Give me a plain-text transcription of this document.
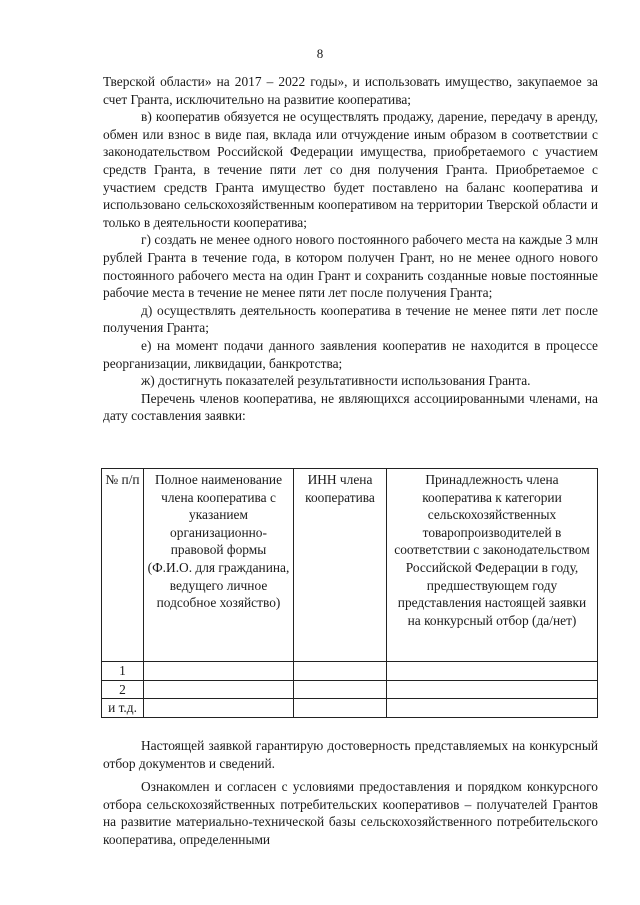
8

Тверской области» на 2017 – 2022 годы», и использовать имущество, закупаемое за счет Гранта, исключительно на развитие кооператива;

в) кооператив обязуется не осуществлять продажу, дарение, передачу в аренду, обмен или взнос в виде пая, вклада или отчуждение иным образом в соответствии с законодательством Российской Федерации имущества, приобретаемого с участием средств Гранта, в течение пяти лет со дня получения Гранта. Приобретаемое с участием средств Гранта имущество будет поставлено на баланс кооператива и использовано сельскохозяйственным кооперативом на территории Тверской области и только в деятельности кооператива;

г) создать не менее одного нового постоянного рабочего места на каждые 3 млн рублей Гранта в течение года, в котором получен Грант, но не менее одного нового постоянного рабочего места на один Грант и сохранить созданные новые постоянные рабочие места в течение не менее пяти лет после получения Гранта;

д) осуществлять деятельность кооператива в течение не менее пяти лет после получения Гранта;

е) на момент подачи данного заявления кооператив не находится в процессе реорганизации, ликвидации, банкротства;

ж) достигнуть показателей результативности использования Гранта.

Перечень членов кооператива, не являющихся ассоциированными членами, на дату составления заявки:

№ п/п	Полное наименование члена кооператива с указанием организационно-правовой формы (Ф.И.О. для гражданина, ведущего личное подсобное хозяйство)	ИНН члена кооператива	Принадлежность члена кооператива к категории сельскохозяйственных товаропроизводителей в соответствии с законодательством Российской Федерации в году, предшествующем году представления настоящей заявки на конкурсный отбор (да/нет)
1			
2			
и т.д.			

Настоящей заявкой гарантирую достоверность представляемых на конкурсный отбор документов и сведений.

Ознакомлен и согласен с условиями предоставления и порядком конкурсного отбора сельскохозяйственных потребительских кооперативов – получателей Грантов на развитие материально-технической базы сельскохозяйственного потребительского кооператива, определенными
